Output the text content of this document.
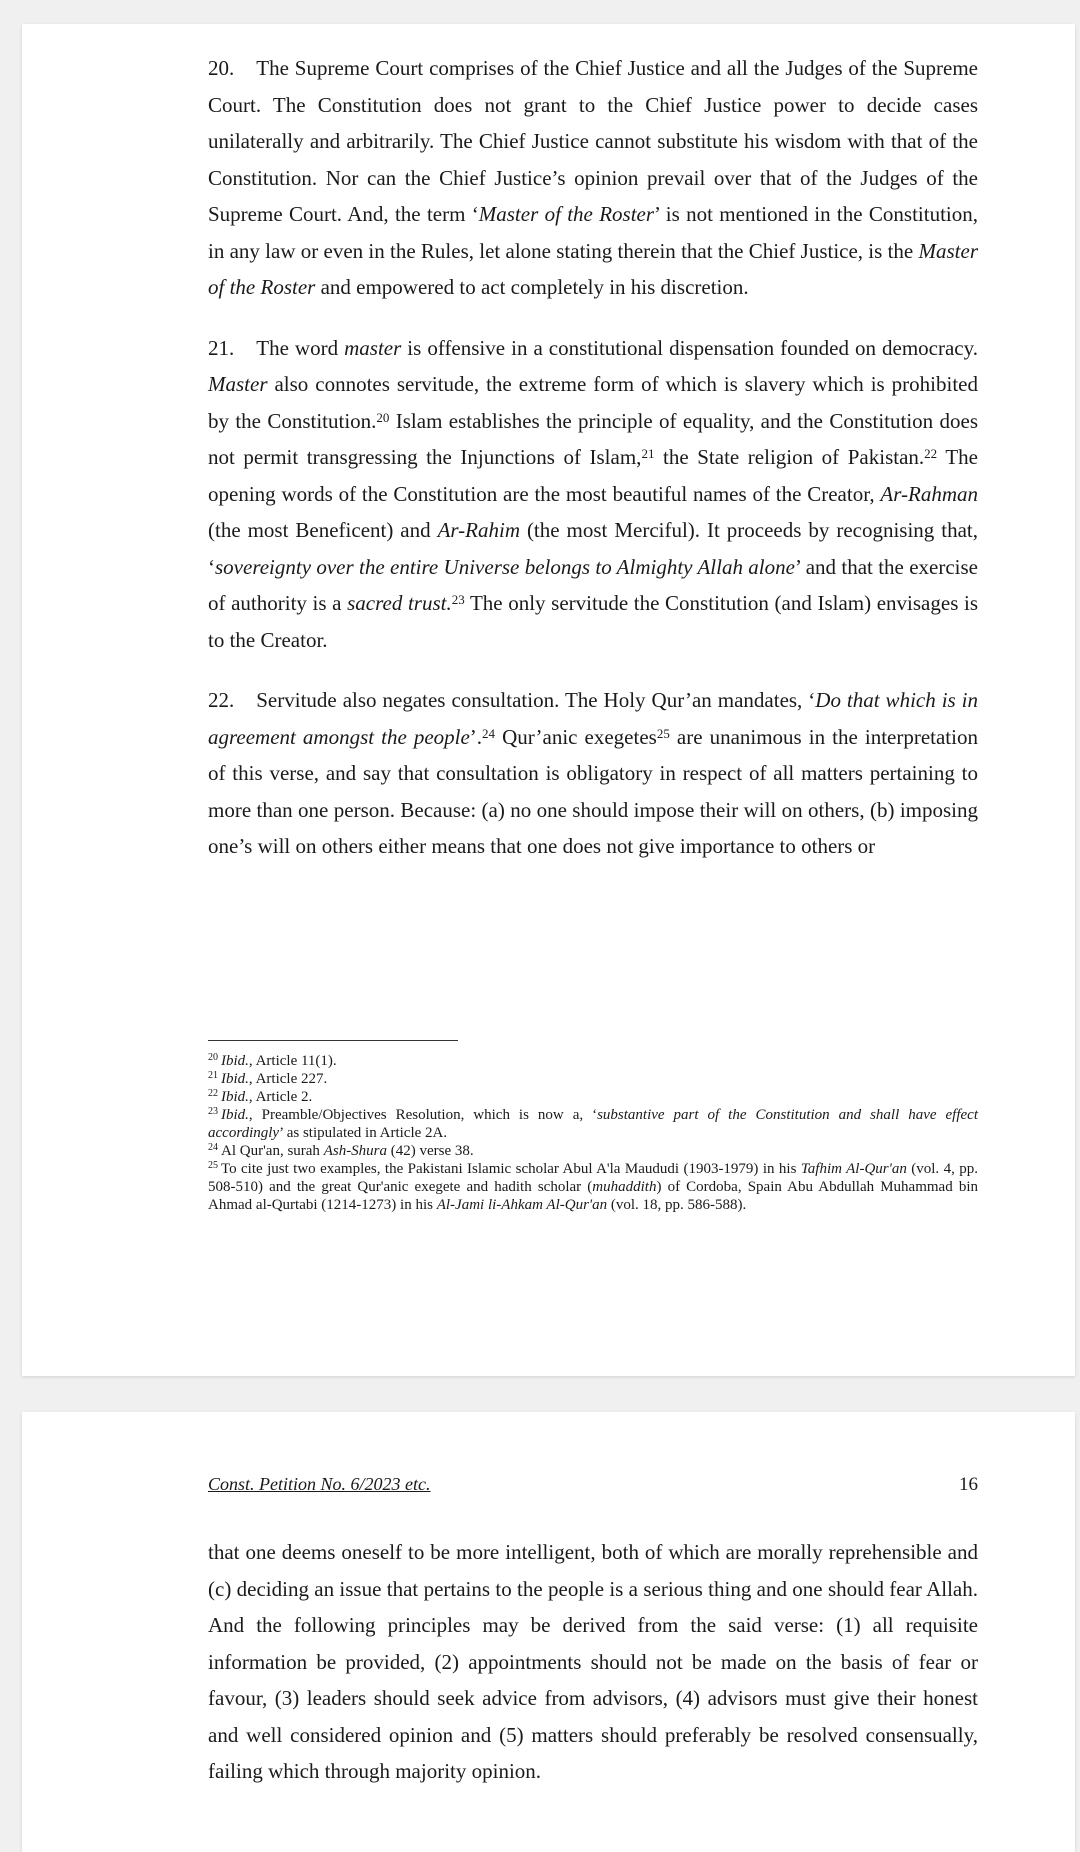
20. The Supreme Court comprises of the Chief Justice and all the Judges of the Supreme Court. The Constitution does not grant to the Chief Justice power to decide cases unilaterally and arbitrarily. The Chief Justice cannot substitute his wisdom with that of the Constitution. Nor can the Chief Justice’s opinion prevail over that of the Judges of the Supreme Court. And, the term ‘Master of the Roster’ is not mentioned in the Constitution, in any law or even in the Rules, let alone stating therein that the Chief Justice, is the Master of the Roster and empowered to act completely in his discretion.

21. The word master is offensive in a constitutional dispensation founded on democracy. Master also connotes servitude, the extreme form of which is slavery which is prohibited by the Constitution.$^{20}$ Islam establishes the principle of equality, and the Constitution does not permit transgressing the Injunctions of Islam,$^{21}$ the State religion of Pakistan.$^{22}$ The opening words of the Constitution are the most beautiful names of the Creator, Ar-Rahman (the most Beneficent) and Ar-Rahim (the most Merciful). It proceeds by recognising that, ‘sovereignty over the entire Universe belongs to Almighty Allah alone’ and that the exercise of authority is a sacred trust.$^{23}$ The only servitude the Constitution (and Islam) envisages is to the Creator.

22. Servitude also negates consultation. The Holy Qur’an mandates, ‘Do that which is in agreement amongst the people’.$^{24}$ Qur’anic exegetes$^{25}$ are unanimous in the interpretation of this verse, and say that consultation is obligatory in respect of all matters pertaining to more than one person. Because: (a) no one should impose their will on others, (b) imposing one’s will on others either means that one does not give importance to others or

$^{20}$ Ibid., Article 11(1).

$^{21}$ Ibid., Article 227.

$^{22}$ Ibid., Article 2.

$^{23}$ Ibid., Preamble/Objectives Resolution, which is now a, ‘substantive part of the Constitution and shall have effect accordingly’ as stipulated in Article 2A.

$^{24}$ Al Qur'an, surah Ash-Shura (42) verse 38.

$^{25}$ To cite just two examples, the Pakistani Islamic scholar Abul A'la Maududi (1903-1979) in his Tafhim Al-Qur'an (vol. 4, pp. 508-510) and the great Qur'anic exegete and hadith scholar (muhaddith) of Cordoba, Spain Abu Abdullah Muhammad bin Ahmad al-Qurtabi (1214-1273) in his Al-Jami li-Ahkam Al-Qur'an (vol. 18, pp. 586-588).

Const. Petition No. 6/2023 etc.	16

that one deems oneself to be more intelligent, both of which are morally reprehensible and (c) deciding an issue that pertains to the people is a serious thing and one should fear Allah. And the following principles may be derived from the said verse: (1) all requisite information be provided, (2) appointments should not be made on the basis of fear or favour, (3) leaders should seek advice from advisors, (4) advisors must give their honest and well considered opinion and (5) matters should preferably be resolved consensually, failing which through majority opinion.
